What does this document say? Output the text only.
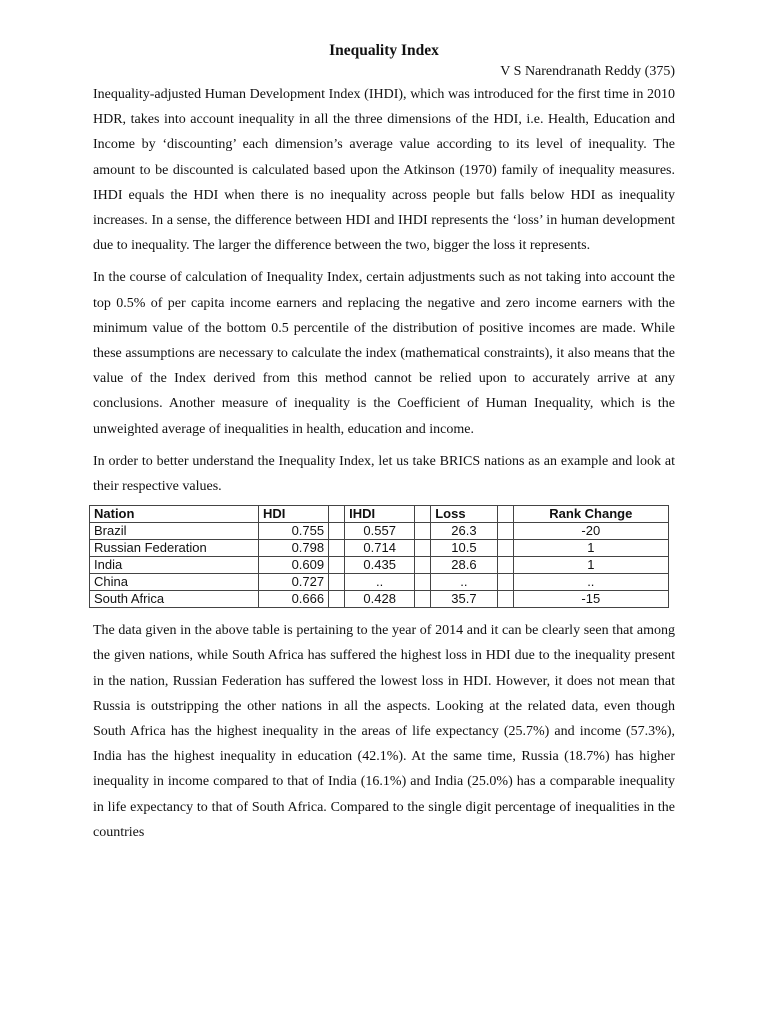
Inequality Index

V S Narendranath Reddy (375)

Inequality-adjusted Human Development Index (IHDI), which was introduced for the first time in 2010 HDR, takes into account inequality in all the three dimensions of the HDI, i.e. Health, Education and Income by ‘discounting’ each dimension’s average value according to its level of inequality. The amount to be discounted is calculated based upon the Atkinson (1970) family of inequality measures. IHDI equals the HDI when there is no inequality across people but falls below HDI as inequality increases. In a sense, the difference between HDI and IHDI represents the ‘loss’ in human development due to inequality. The larger the difference between the two, bigger the loss it represents.

In the course of calculation of Inequality Index, certain adjustments such as not taking into account the top 0.5% of per capita income earners and replacing the negative and zero income earners with the minimum value of the bottom 0.5 percentile of the distribution of positive incomes are made. While these assumptions are necessary to calculate the index (mathematical constraints), it also means that the value of the Index derived from this method cannot be relied upon to accurately arrive at any conclusions. Another measure of inequality is the Coefficient of Human Inequality, which is the unweighted average of inequalities in health, education and income.

In order to better understand the Inequality Index, let us take BRICS nations as an example and look at their respective values.

Nation	HDI		IHDI		Loss		Rank Change
Brazil	0.755		0.557		26.3		-20
Russian Federation	0.798		0.714		10.5		1
India	0.609		0.435		28.6		1
China	0.727		..		..		..
South Africa	0.666		0.428		35.7		-15

The data given in the above table is pertaining to the year of 2014 and it can be clearly seen that among the given nations, while South Africa has suffered the highest loss in HDI due to the inequality present in the nation, Russian Federation has suffered the lowest loss in HDI. However, it does not mean that Russia is outstripping the other nations in all the aspects. Looking at the related data, even though South Africa has the highest inequality in the areas of life expectancy (25.7%) and income (57.3%), India has the highest inequality in education (42.1%). At the same time, Russia (18.7%) has higher inequality in income compared to that of India (16.1%) and India (25.0%) has a comparable inequality in life expectancy to that of South Africa. Compared to the single digit percentage of inequalities in the countries
